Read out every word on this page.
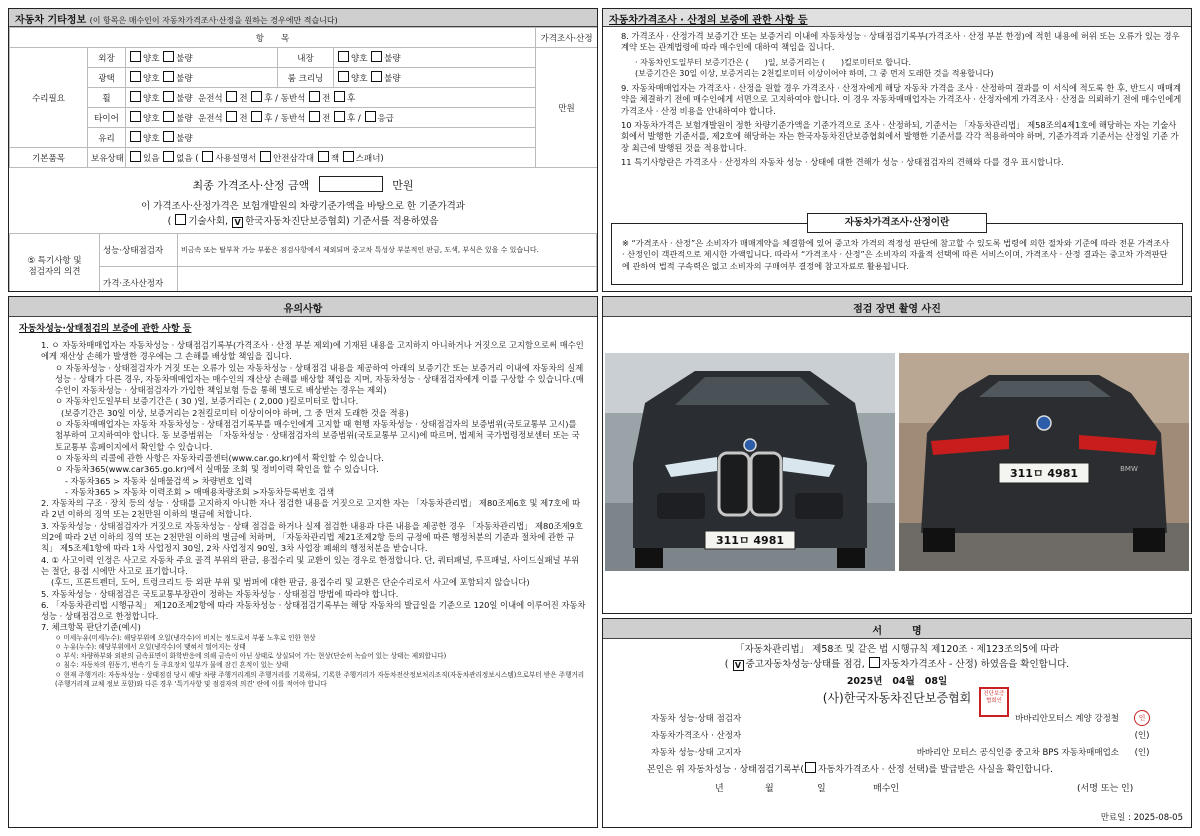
자동차 기타정보 (이 항목은 매수인이 자동차가격조사·산정을 원하는 경우에만 적습니다)
항　　목					가격조사·산정
수리필요	외장	양호 불량	내장	양호 불량	만원
	광택	양호 불량	룸 크리닝	양호 불량	
	휠	양호 불량 운전석 전 후 / 동반석 전 후			
	타이어	양호 불량 운전석 전 후 / 동반석 전 후 / 응급			
	유리	양호 불량			
기본품목	보유상태	있음 없음 ( 사용설명서 안전삼각대 잭 스패너)			
최종 가격조사·산정 금액	만원
이 가격조사·산정가격은 보험개발원의 차량기준가액을 바탕으로 한 기준가격과
( 기술사회, V 한국자동차진단보증협회) 기준서를 적용하였음
⑤ 특기사항 및
점검자의 의견	성능·상태점검자	비금속 또는 탈부착 가능 부품은 점검사항에서 제외되며 중고차 특성상 부분적인 판금, 도색, 부식은 있을 수 있습니다.
	가격·조사산정자	
자동차가격조사 · 산정의 보증에 관한 사항 등

8. 가격조사 · 산정가격 보증기간 또는 보증거리 이내에 자동차성능 · 상태점검기록부(가격조사 · 산정 부분 한정)에 적힌 내용에 허위 또는 오류가 있는 경우 계약 또는 관계법령에 따라 매수인에 대하여 책임을 집니다.

· 자동차인도일부터 보증기간은 (　　)일, 보증거리는 (　　)킬로미터로 합니다.
(보증기간은 30일 이상, 보증거리는 2천킬로미터 이상이어야 하며, 그 중 먼저 도래한 것을 적용합니다)

9. 자동차매매업자는 가격조사 · 산정을 원할 경우 가격조사 · 산정자에게 해당 자동차 가격을 조사 · 산정하여 결과를 이 서식에 적도록 한 후, 반드시 매매계약을 체결하기 전에 매수인에게 서면으로 고지하여야 합니다. 이 경우 자동차매매업자는 가격조사 · 산정자에게 가격조사 · 산정을 의뢰하기 전에 매수인에게 가격조사 · 산정 비용을 안내하여야 합니다.

10 자동차가격은 보험개발원이 정한 차량기준가액을 기준가격으로 조사 · 산정하되, 기준서는 「자동차관리법」 제58조의4제1호에 해당하는 자는 기술사회에서 발행한 기준서를, 제2호에 해당하는 자는 한국자동차진단보증협회에서 발행한 기준서를 각각 적용하여야 하며, 기준가격과 기준서는 산정일 기준 가장 최근에 발행된 것을 적용합니다.

11 특기사항란은 가격조사 · 산정자의 자동차 성능 · 상태에 대한 견해가 성능 · 상태점검자의 견해와 다를 경우 표시합니다.

※ “가격조사 · 산정”은 소비자가 매매계약을 체결함에 있어 중고차 가격의 적정성 판단에 참고할 수 있도록 법령에 의한 절차와 기준에 따라 전문 가격조사 · 산정인이 객관적으로 제시한 가액입니다. 따라서 “가격조사 · 산정”은 소비자의 자율적 선택에 따른 서비스이며, 가격조사 · 산정 결과는 중고차 가격판단에 관하여 법적 구속력은 없고 소비자의 구매여부 결정에 참고자료로 활용됩니다.
자동차가격조사·산정이란
유의사항
자동차성능·상태점검의 보증에 관한 사항 등

1. ㅇ 자동차매매업자는 자동차성능 · 상태점검기록부(가격조사 · 산정 부분 제외)에 기재된 내용을 고지하지 아니하거나 거짓으로 고지함으로써 매수인에게 재산상 손해가 발생한 경우에는 그 손해를 배상할 책임을 집니다.

ㅇ 자동차성능 · 상태점검자가 거짓 또는 오류가 있는 자동차성능 · 상태점검 내용을 제공하여 아래의 보증기간 또는 보증거리 이내에 자동차의 실제 성능 · 상태가 다른 경우, 자동차매매업자는 매수인의 재산상 손해를 배상할 책임을 지며, 자동차성능 · 상태점검자에게 이를 구상할 수 있습니다.(매수인이 자동차성능 · 상태점검자가 가입한 책임보험 등을 통해 별도로 배상받는 경우는 제외)

ㅇ 자동차인도일부터 보증기간은 ( 30 )일, 보증거리는 ( 2,000 )킬로미터로 합니다.

(보증기간은 30일 이상, 보증거리는 2천킬로미터 이상이어야 하며, 그 중 먼저 도래한 것을 적용)

ㅇ 자동차매매업자는 자동차 자동차성능 · 상태점검기록부를 매수인에게 고지할 때 현행 자동차성능 · 상태점검자의 보증범위(국토교통부 고시)를 첨부하여 고지하여야 합니다. 동 보증범위는 「자동차성능 · 상태점검자의 보증범위(국토교통부 고시)에 따르며, 법제처 국가법령정보센터 또는 국토교통부 홈페이지에서 확인할 수 있습니다.

ㅇ 자동차의 리콜에 관한 사항은 자동차리콜센터(www.car.go.kr)에서 확인할 수 있습니다.

ㅇ 자동차365(www.car365.go.kr)에서 실매물 조회 및 정비이력 확인을 할 수 있습니다.

- 자동차365 > 자동차 실매물검색 > 차량번호 입력

- 자동차365 > 자동차 이력조회 > 매매용차량조회 >자동차등록번호 검색

2. 자동차의 구조 · 장치 등의 성능 · 상태를 고지하지 아니한 자나 점검한 내용을 거짓으로 고지한 자는 「자동차관리법」 제80조제6호 및 제7호에 따라 2년 이하의 징역 또는 2천만원 이하의 벌금에 처합니다.

3. 자동차성능 · 상태점검자가 거짓으로 자동차성능 · 상태 점검을 하거나 실제 점검한 내용과 다른 내용을 제공한 경우 「자동차관리법」 제80조제9호의2에 따라 2년 이하의 징역 또는 2천만원 이하의 벌금에 처하며, 「자동차관리법 제21조제2항 등의 규정에 따른 행정처분의 기준과 절차에 관한 규칙」 제5조제1항에 따라 1차 사업정지 30일, 2차 사업정지 90일, 3차 사업장 폐쇄의 행정처분을 받습니다.

4. ① 사고이력 인정은 사고로 자동차 주요 골격 부위의 판금, 용접수리 및 교환이 있는 경우로 한정합니다. 단, 쿼터패널, 루프패널, 사이드실패널 부위는 절단, 용접 시에만 사고로 표기합니다.

(후드, 프론트펜더, 도어, 트렁크리드 등 외판 부위 및 범퍼에 대한 판금, 용접수리 및 교환은 단순수리로서 사고에 포함되지 않습니다)

5. 자동차성능 · 상태점검은 국토교통부장관이 정하는 자동차성능 · 상태점검 방법에 따라야 합니다.

6. 「자동차관리법 시행규칙」 제120조제2항에 따라 자동차성능 · 상태점검기록부는 해당 자동차의 발급일을 기준으로 120일 이내에 이루어진 자동차 성능 · 상태점검으로 한정합니다.

7. 체크항목 판단기준(예시)

ㅇ 미세누유(미세누수): 해당부위에 오일(냉각수)이 비치는 정도로서 부품 노후로 인한 현상
ㅇ 누유(누수): 해당부위에서 오일(냉각수)이 맺혀서 떨어지는 상태
ㅇ 부식: 차량하부와 외판의 금속표면이 화학반응에 의해 금속이 아닌 상태로 상실되어 가는 현상(단순히 녹슬어 있는 상태는 제외합니다)
ㅇ 침수: 자동차의 원동기, 변속기 등 주요장치 일부가 물에 잠긴 흔적이 있는 상태
ㅇ 현재 주행거리: 자동차성능 · 상태점검 당시 해당 차량 주행거리계의 주행거리를 기록하되, 기록한 주행거리가 자동차전산정보처리조직(자동차관리정보시스템)으로부터 받은 주행거리(주행거리계 교체 정보 포함)와 다른 경우 '특기사항 및 점검자의 의견' 란에 이를 적어야 합니다
점검 장면 촬영 사진
311ㅁ 4981
BMW
311ㅁ 4981
서　　　명
「자동차관리법」 제58조 및 같은 법 시행규칙 제120조 · 제123조의5에 따라
( V 중고자동차성능·상태를 점검, 자동차가격조사 - 산정) 하였음을 확인합니다.
2025년 04월 08일
(사)한국자동차진단보증협회	진단보증협회인
자동차 성능·상태 점검자	바바리안모터스 계양 강정철	인
자동차가격조사 · 산정자		(인)
자동차 성능·상태 고지자	바바리안 모터스 공식인증 중고차 BPS 자동차매매업소	(인)
본인은 위 자동차성능 · 상태점검기록부( 자동차가격조사 · 산정 선택)를 발급받은 사실을 확인합니다.
년	월	일	매수인	(서명 또는 인)
만료일 : 2025-08-05
